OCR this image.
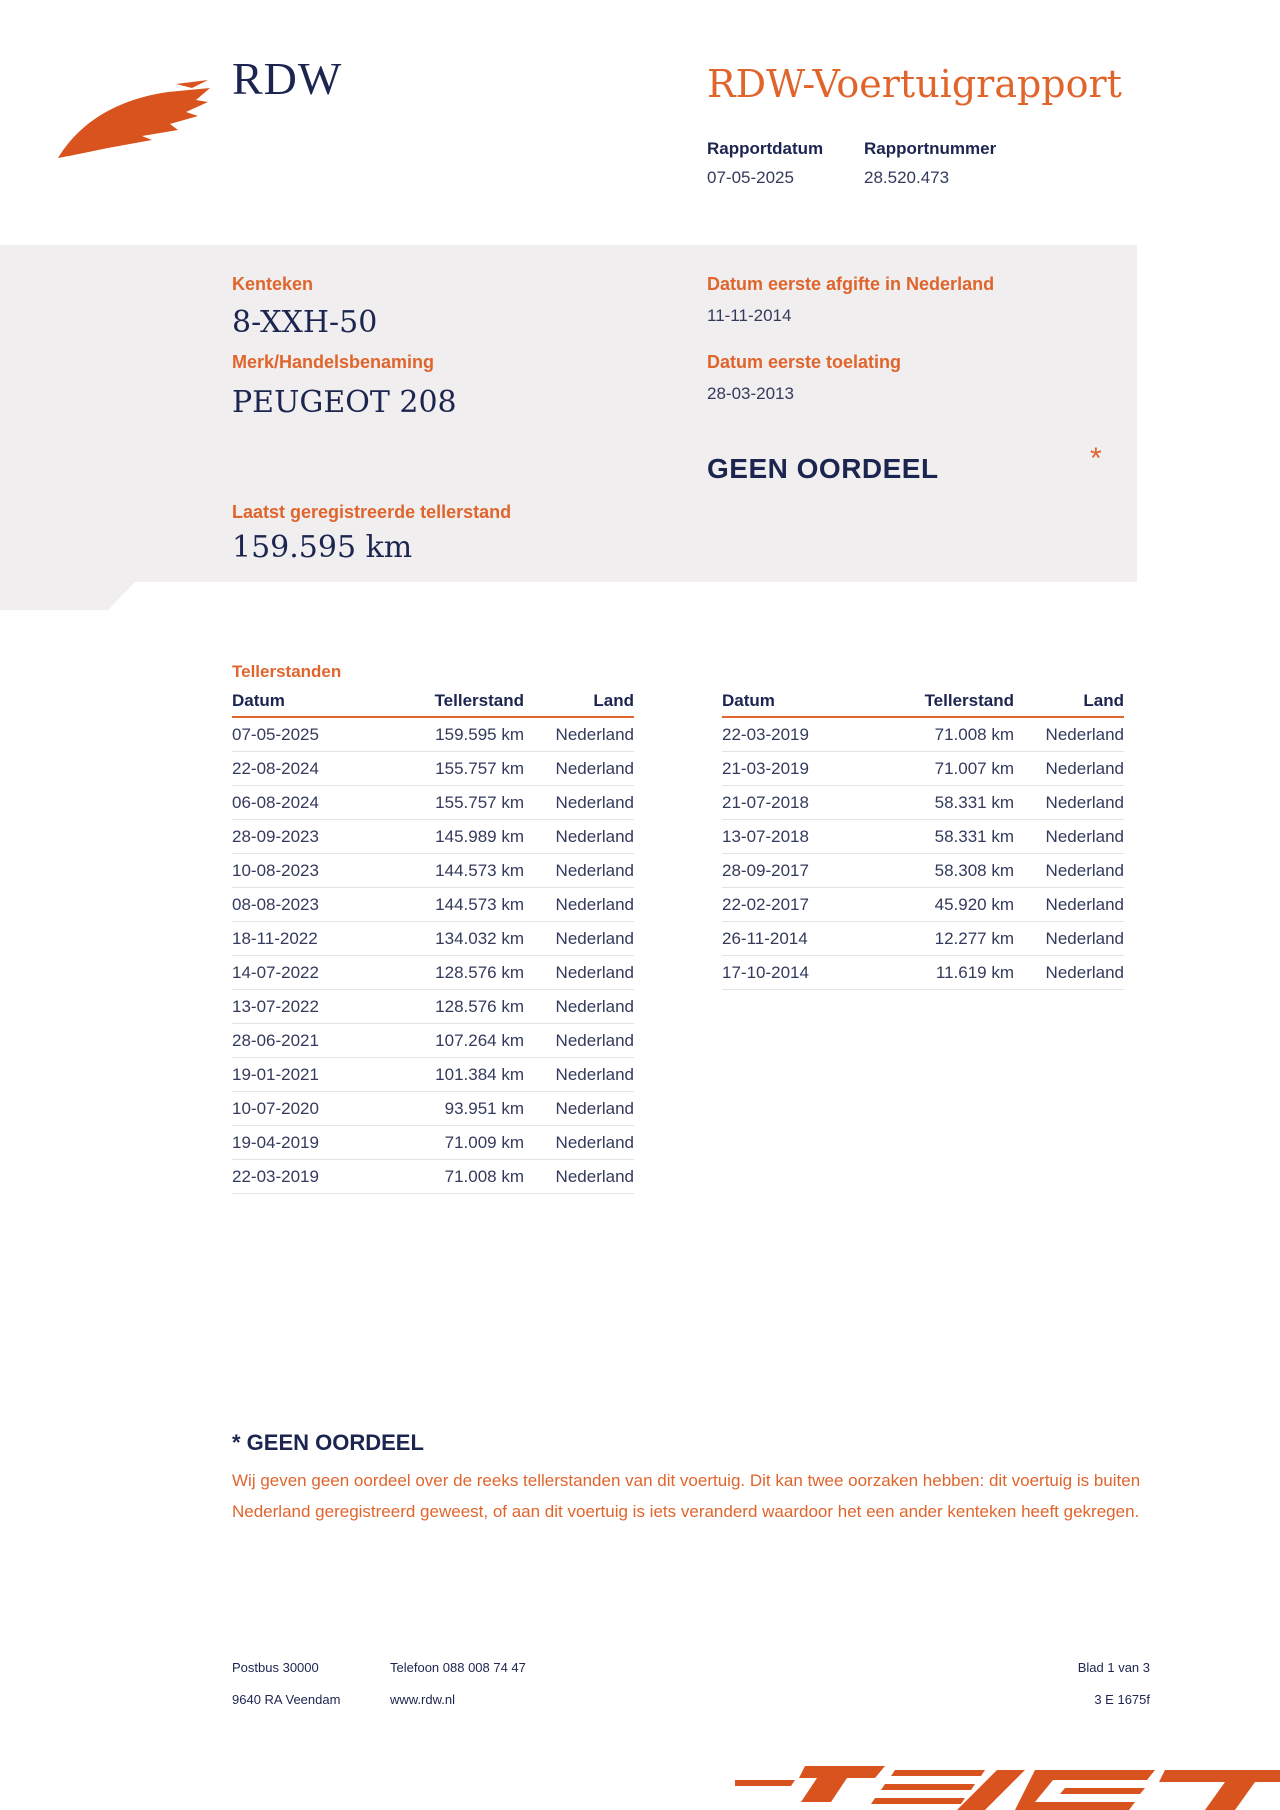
RDW	RDW-Voertuigrapport
Rapportdatum
07-05-2025
Rapportnummer
28.520.473
Kenteken
8-XXH-50
Merk/Handelsbenaming
PEUGEOT 208
Laatst geregistreerde tellerstand
159.595 km
Datum eerste afgifte in Nederland
11-11-2014
Datum eerste toelating
28-03-2013
GEEN OORDEEL	*
Tellerstanden
Datum	Tellerstand	Land
07-05-2025	159.595 km	Nederland
22-08-2024	155.757 km	Nederland
06-08-2024	155.757 km	Nederland
28-09-2023	145.989 km	Nederland
10-08-2023	144.573 km	Nederland
08-08-2023	144.573 km	Nederland
18-11-2022	134.032 km	Nederland
14-07-2022	128.576 km	Nederland
13-07-2022	128.576 km	Nederland
28-06-2021	107.264 km	Nederland
19-01-2021	101.384 km	Nederland
10-07-2020	93.951 km	Nederland
19-04-2019	71.009 km	Nederland
22-03-2019	71.008 km	Nederland
Datum	Tellerstand	Land
22-03-2019	71.008 km	Nederland
21-03-2019	71.007 km	Nederland
21-07-2018	58.331 km	Nederland
13-07-2018	58.331 km	Nederland
28-09-2017	58.308 km	Nederland
22-02-2017	45.920 km	Nederland
26-11-2014	12.277 km	Nederland
17-10-2014	11.619 km	Nederland
* GEEN OORDEEL
Wij geven geen oordeel over de reeks tellerstanden van dit voertuig. Dit kan twee oorzaken hebben: dit voertuig is buiten Nederland geregistreerd geweest, of aan dit voertuig is iets veranderd waardoor het een ander kenteken heeft gekregen.
Postbus 30000
9640 RA Veendam
Telefoon 088 008 74 47
www.rdw.nl
Blad 1 van 3
3 E 1675f
